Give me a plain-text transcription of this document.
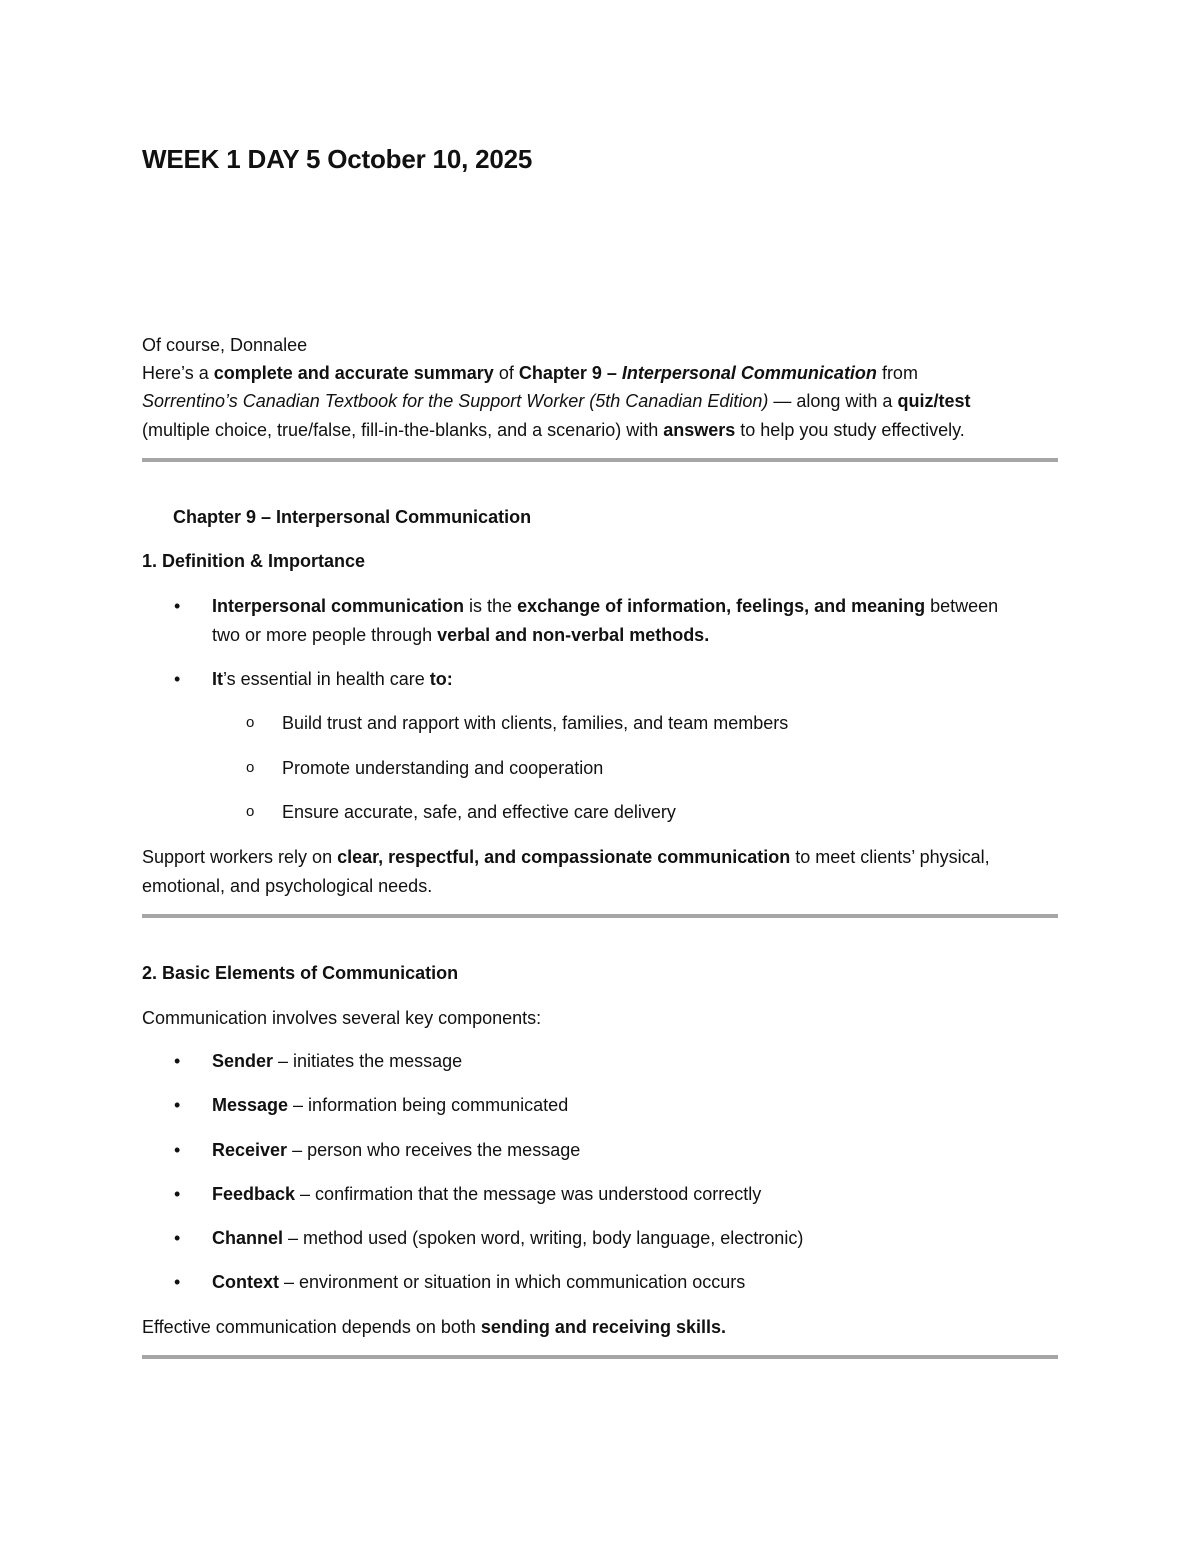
WEEK 1 DAY 5 October 10, 2025
Of course, Donnalee
Here’s a complete and accurate summary of Chapter 9 – Interpersonal Communication from
Sorrentino’s Canadian Textbook for the Support Worker (5th Canadian Edition) — along with a quiz/test
(multiple choice, true/false, fill-in-the-blanks, and a scenario) with answers to help you study effectively.
Chapter 9 – Interpersonal Communication
1. Definition & Importance
• Interpersonal communication is the exchange of information, feelings, and meaning between
two or more people through verbal and non-verbal methods.
• It’s essential in health care to:
o Build trust and rapport with clients, families, and team members
o Promote understanding and cooperation
o Ensure accurate, safe, and effective care delivery
Support workers rely on clear, respectful, and compassionate communication to meet clients’ physical,
emotional, and psychological needs.
2. Basic Elements of Communication
Communication involves several key components:
• Sender – initiates the message
• Message – information being communicated
• Receiver – person who receives the message
• Feedback – confirmation that the message was understood correctly
• Channel – method used (spoken word, writing, body language, electronic)
• Context – environment or situation in which communication occurs
Effective communication depends on both sending and receiving skills.
